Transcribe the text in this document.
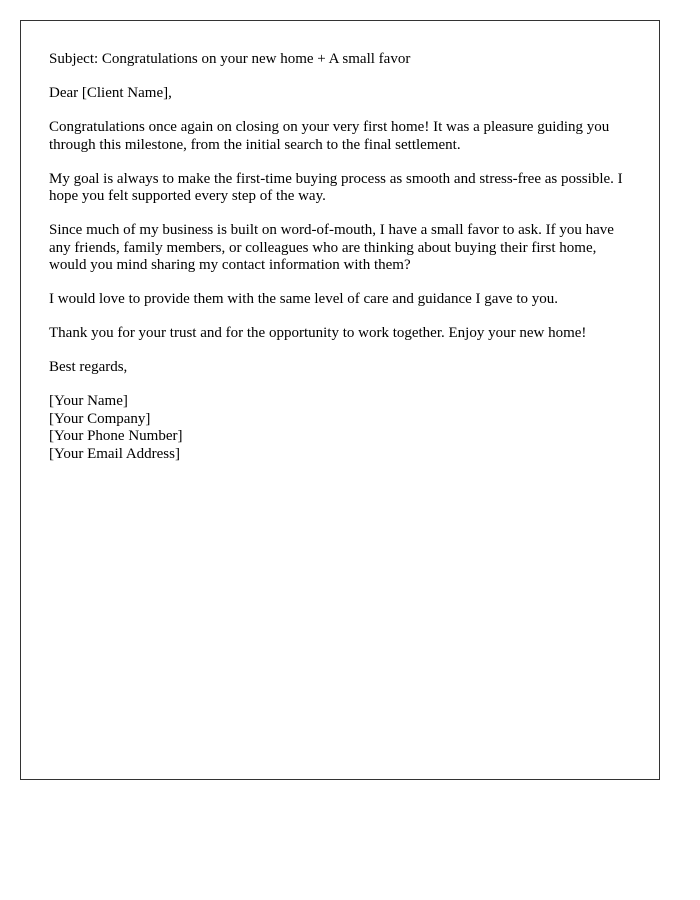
Subject: Congratulations on your new home + A small favor

Dear [Client Name],

Congratulations once again on closing on your very first home! It was a pleasure guiding you through this milestone, from the initial search to the final settlement.

My goal is always to make the first-time buying process as smooth and stress-free as possible. I hope you felt supported every step of the way.

Since much of my business is built on word-of-mouth, I have a small favor to ask. If you have any friends, family members, or colleagues who are thinking about buying their first home, would you mind sharing my contact information with them?

I would love to provide them with the same level of care and guidance I gave to you.

Thank you for your trust and for the opportunity to work together. Enjoy your new home!

Best regards,

[Your Name]
[Your Company]
[Your Phone Number]
[Your Email Address]
